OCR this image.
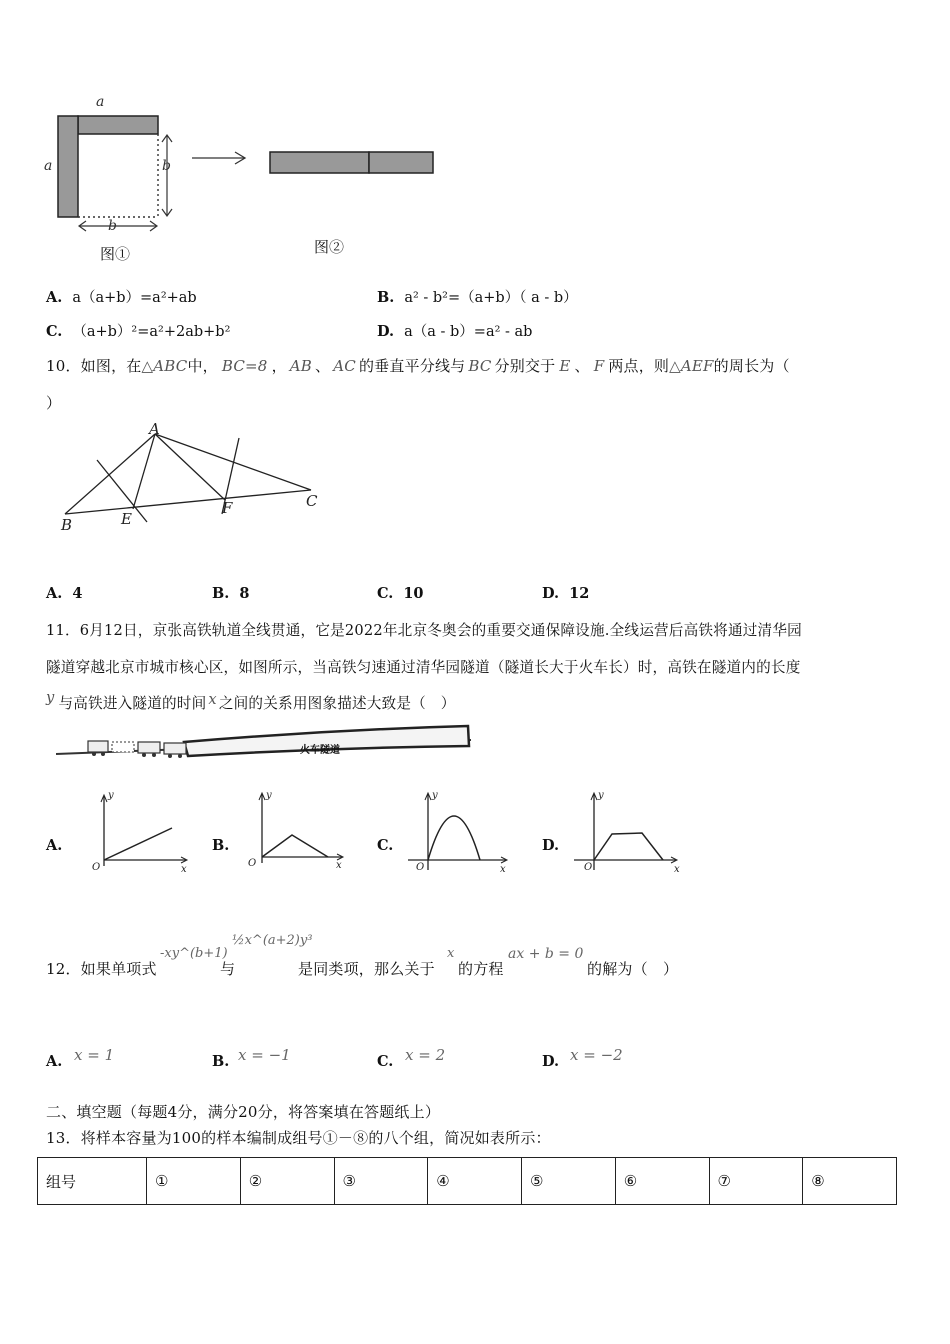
a
a	b
b
图①	图②
A. a（a+b）=a²+ab	B. a² - b²=（a+b）（ a - b）
C. （a+b）²=a²+2ab+b²	D. a（a - b）=a² - ab
10．如图，在△ABC中， BC=8 ， AB 、 AC 的垂直平分线与 BC 分别交于 E 、 F 两点，则△AEF的周长为（
）
A
B	E
F	C
A. 4	B. 8	C. 10	D. 12
11．6月12日，京张高铁轨道全线贯通，它是2022年北京冬奥会的重要交通保障设施.全线运营后高铁将通过清华园
隧道穿越北京市城市核心区，如图所示，当高铁匀速通过清华园隧道（隧道长大于火车长）时，高铁在隧道内的长度
y 与高铁进入隧道的时间 x 之间的关系用图象描述大致是（　）
火车隧道
A.	B.	C.	D.
y
O	x
y
O	x
y
O	x
y
O	x
12．如果单项式
-xy^(b+1)
与
½x^(a+2)y³
是同类项，那么关于
x
的方程
ax + b = 0
的解为（　）
A. x = 1	B. x = −1	C. x = 2	D. x = −2
二、填空题（每题4分，满分20分，将答案填在答题纸上）
13．将样本容量为100的样本编制成组号①－⑧的八个组，简况如表所示：
组号	①	②	③	④	⑤	⑥	⑦	⑧
